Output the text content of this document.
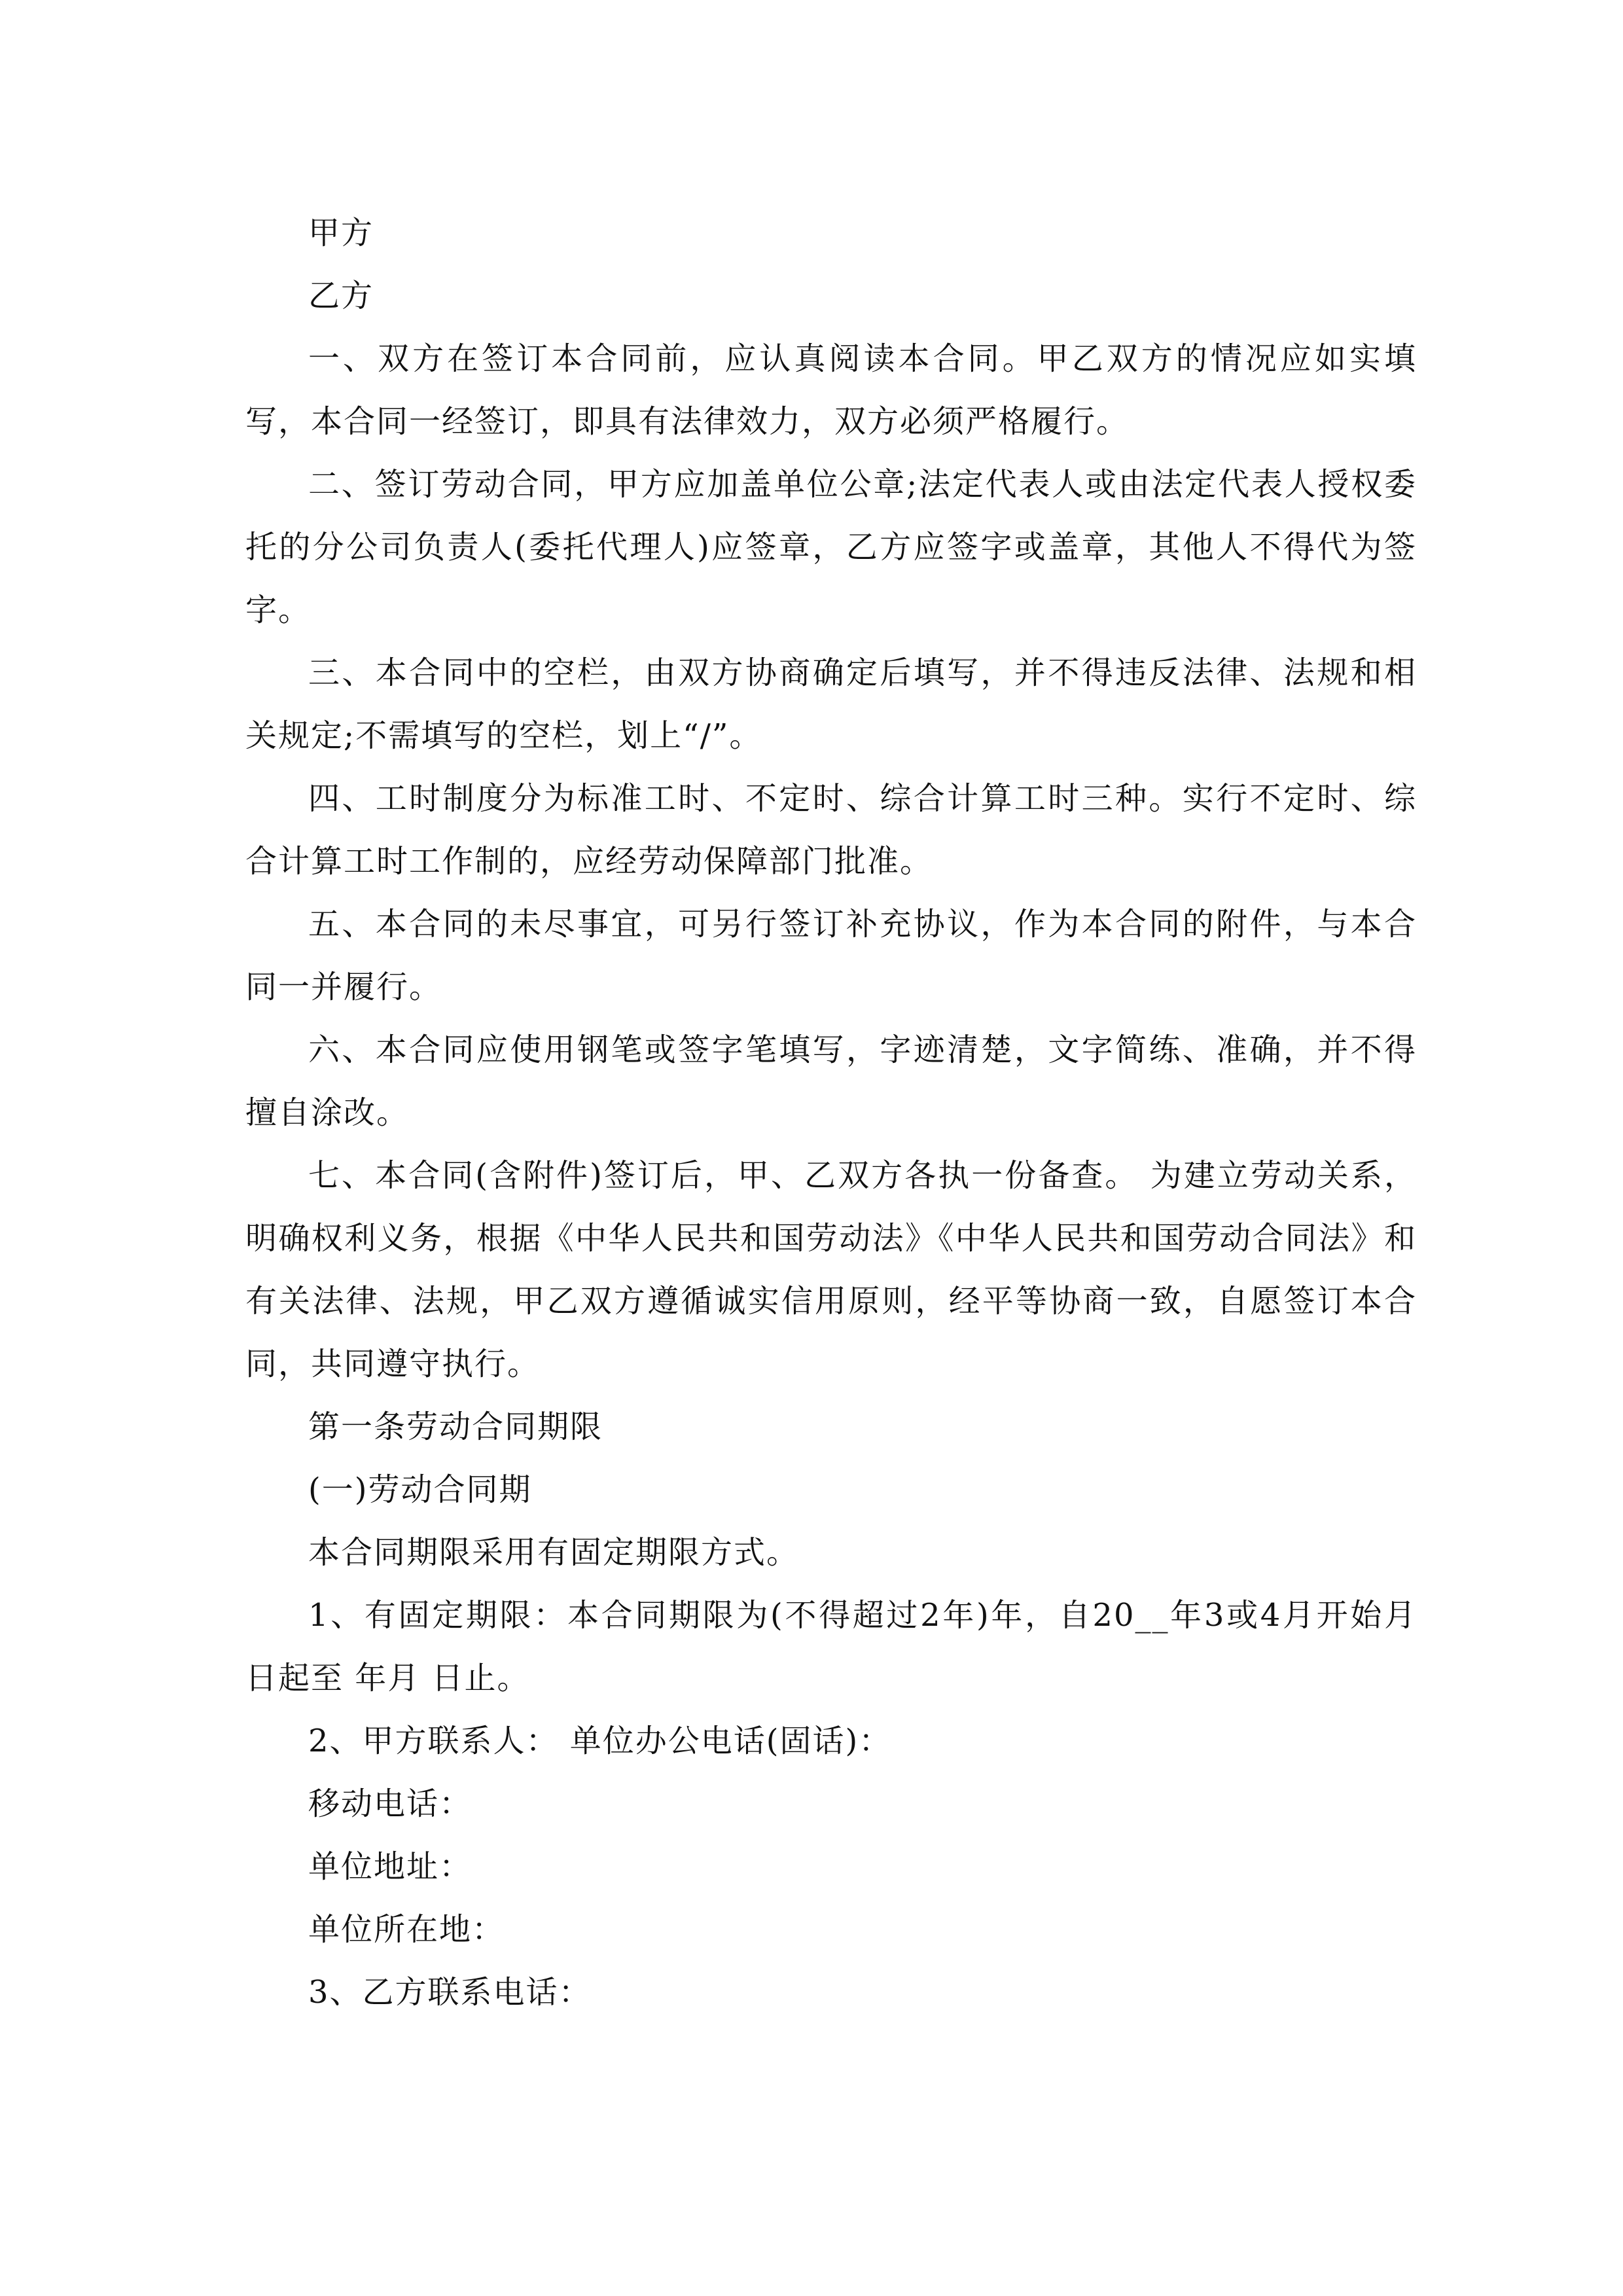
甲方

乙方

一、双方在签订本合同前，应认真阅读本合同。甲乙双方的情况应如实填写，本合同一经签订，即具有法律效力，双方必须严格履行。

二、签订劳动合同，甲方应加盖单位公章;法定代表人或由法定代表人授权委托的分公司负责人(委托代理人)应签章，乙方应签字或盖章，其他人不得代为签字。

三、本合同中的空栏，由双方协商确定后填写，并不得违反法律、法规和相关规定;不需填写的空栏，划上“/”。

四、工时制度分为标准工时、不定时、综合计算工时三种。实行不定时、综合计算工时工作制的，应经劳动保障部门批准。

五、本合同的未尽事宜，可另行签订补充协议，作为本合同的附件，与本合同一并履行。

六、本合同应使用钢笔或签字笔填写，字迹清楚，文字简练、准确，并不得擅自涂改。

七、本合同(含附件)签订后，甲、乙双方各执一份备查。 为建立劳动关系，明确权利义务，根据《中华人民共和国劳动法》《中华人民共和国劳动合同法》和有关法律、法规，甲乙双方遵循诚实信用原则，经平等协商一致，自愿签订本合同，共同遵守执行。

第一条劳动合同期限

(一)劳动合同期

本合同期限采用有固定期限方式。

1、有固定期限：本合同期限为(不得超过2年)年，自20__年3或4月开始月 日起至 年月 日止。

2、甲方联系人： 单位办公电话(固话)：

移动电话：

单位地址：

单位所在地：

3、乙方联系电话：
